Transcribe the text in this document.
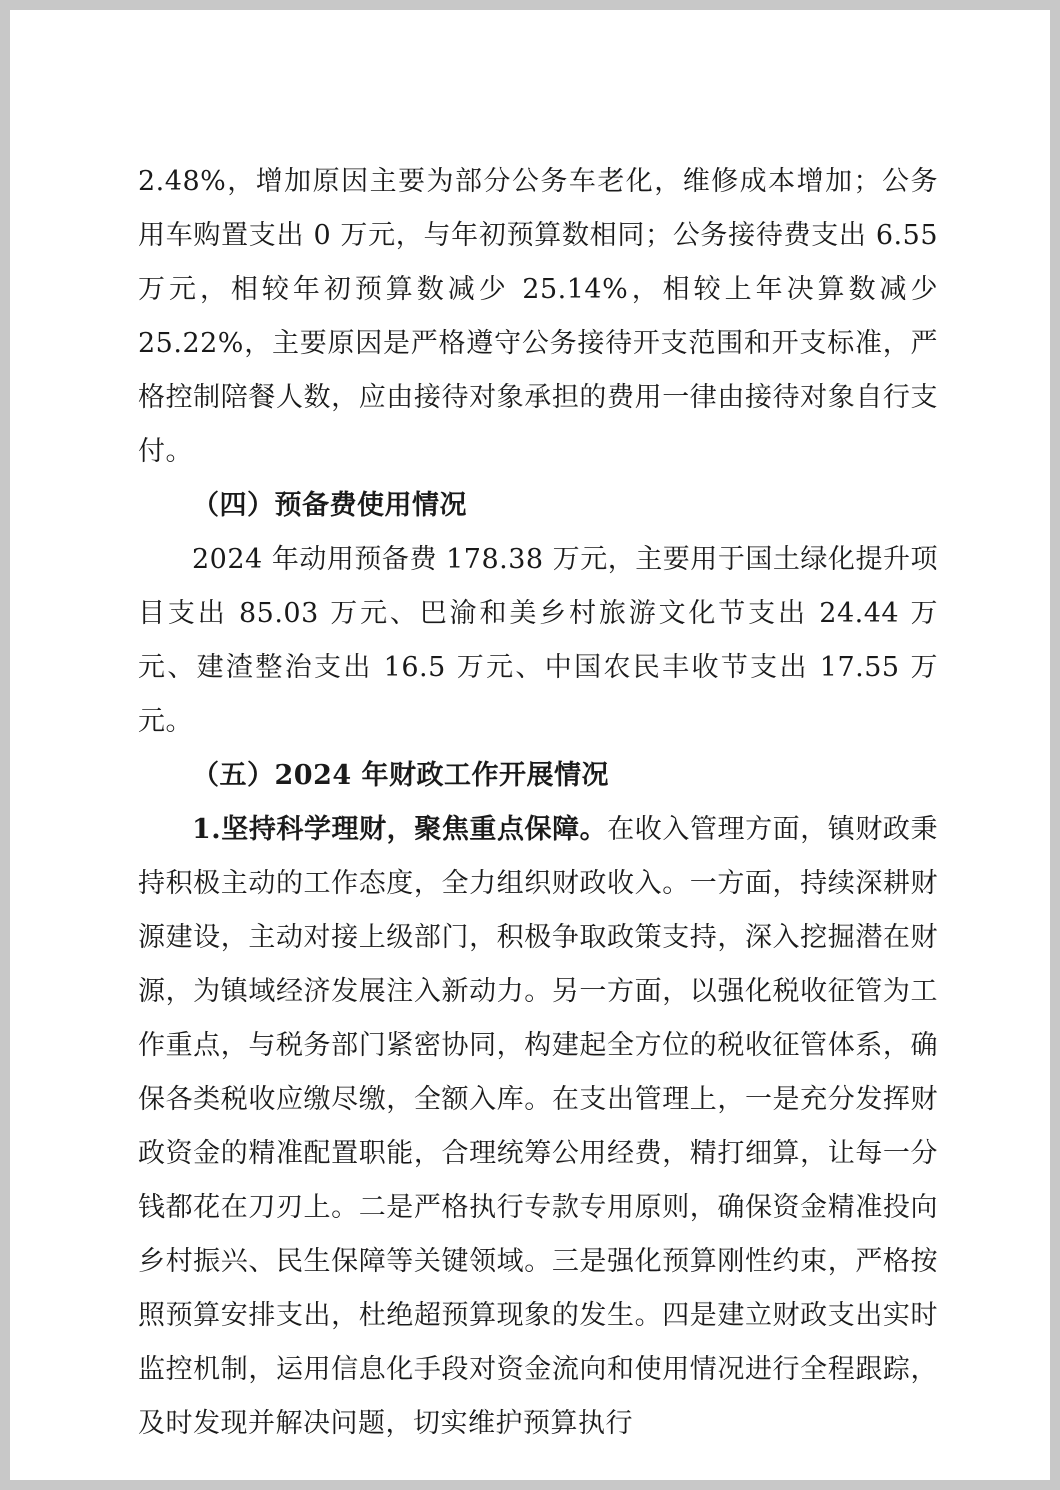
2.48%，增加原因主要为部分公务车老化，维修成本增加；公务用车购置支出 0 万元，与年初预算数相同；公务接待费支出 6.55 万元，相较年初预算数减少 25.14%，相较上年决算数减少 25.22%，主要原因是严格遵守公务接待开支范围和开支标准，严格控制陪餐人数，应由接待对象承担的费用一律由接待对象自行支付。

（四）预备费使用情况

2024 年动用预备费 178.38 万元，主要用于国土绿化提升项目支出 85.03 万元、巴渝和美乡村旅游文化节支出 24.44 万元、建渣整治支出 16.5 万元、中国农民丰收节支出 17.55 万元。

（五）2024 年财政工作开展情况

1.坚持科学理财，聚焦重点保障。在收入管理方面，镇财政秉持积极主动的工作态度，全力组织财政收入。一方面，持续深耕财源建设，主动对接上级部门，积极争取政策支持，深入挖掘潜在财源，为镇域经济发展注入新动力。另一方面，以强化税收征管为工作重点，与税务部门紧密协同，构建起全方位的税收征管体系，确保各类税收应缴尽缴，全额入库。在支出管理上，一是充分发挥财政资金的精准配置职能，合理统筹公用经费，精打细算，让每一分钱都花在刀刃上。二是严格执行专款专用原则，确保资金精准投向乡村振兴、民生保障等关键领域。三是强化预算刚性约束，严格按照预算安排支出，杜绝超预算现象的发生。四是建立财政支出实时监控机制，运用信息化手段对资金流向和使用情况进行全程跟踪，及时发现并解决问题，切实维护预算执行
